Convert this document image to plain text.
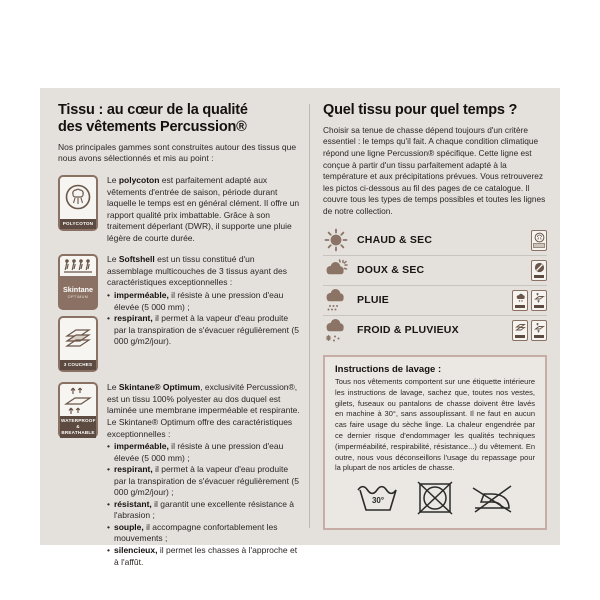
Tissu : au cœur de la qualité
des vêtements Percussion®

Nos principales gammes sont construites autour des tissus que nous avons sélectionnés et mis au point :

POLYCOTON
Le polycoton est parfaitement adapté aux vêtements d'entrée de saison, période durant laquelle le temps est en général clément. Il offre un rapport qualité prix imbattable. Grâce à son traitement déperlant (DWR), il supporte une pluie légère de courte durée.
Skintane
OPTIMUM
3 COUCHES
Le Softshell est un tissu constitué d'un assemblage multicouches de 3 tissus ayant des caractéristiques exceptionnelles :
• imperméable, il résiste à une pression d'eau élevée (5 000 mm) ;
• respirant, il permet à la vapeur d'eau produite par la transpiration de s'évacuer régulièrement (5 000 g/m2/jour).
WATERPROOF
& BREATHABLE
Le Skintane® Optimum, exclusivité Percussion®, est un tissu 100% polyester au dos duquel est laminée une membrane imperméable et respirante. Le Skintane® Optimum offre des caractéristiques exceptionnelles :
• imperméable, il résiste à une pression d'eau élevée (5 000 mm) ;
• respirant, il permet à la vapeur d'eau produite par la transpiration de s'évacuer régulièrement (5 000 g/m2/jour) ;
• résistant, il garantit une excellente résistance à l'abrasion ;
• souple, il accompagne confortablement les mouvements ;
• silencieux, il permet les chasses à l'approche et à l'affût.
Quel tissu pour quel temps ?

Choisir sa tenue de chasse dépend toujours d'un critère essentiel : le temps qu'il fait. A chaque condition climatique répond une ligne Percussion® spécifique. Cette ligne est conçue à partir d'un tissu parfaitement adapté à la température et aux précipitations prévues. Vous retrouverez les pictos ci-dessous au fil des pages de ce catalogue. Il couvre tous les types de temps possibles et toutes les lignes de notre collection.

CHAUD & SEC
DOUX & SEC
PLUIE
FROID & PLUVIEUX
Instructions de lavage :
Tous nos vêtements comportent sur une étiquette intérieure les instructions de lavage, sachez que, toutes nos vestes, gilets, fuseaux ou pantalons de chasse doivent être lavés en machine à 30°, sans assouplissant. Il ne faut en aucun cas faire usage du sèche linge. La chaleur engendrée par ce dernier risque d'endommager les qualités techniques (imperméabilité, respirabilité, résistance...) du vêtement. En outre, nous vous déconseillons l'usage du repassage pour la plupart de nos articles de chasse.
30°
